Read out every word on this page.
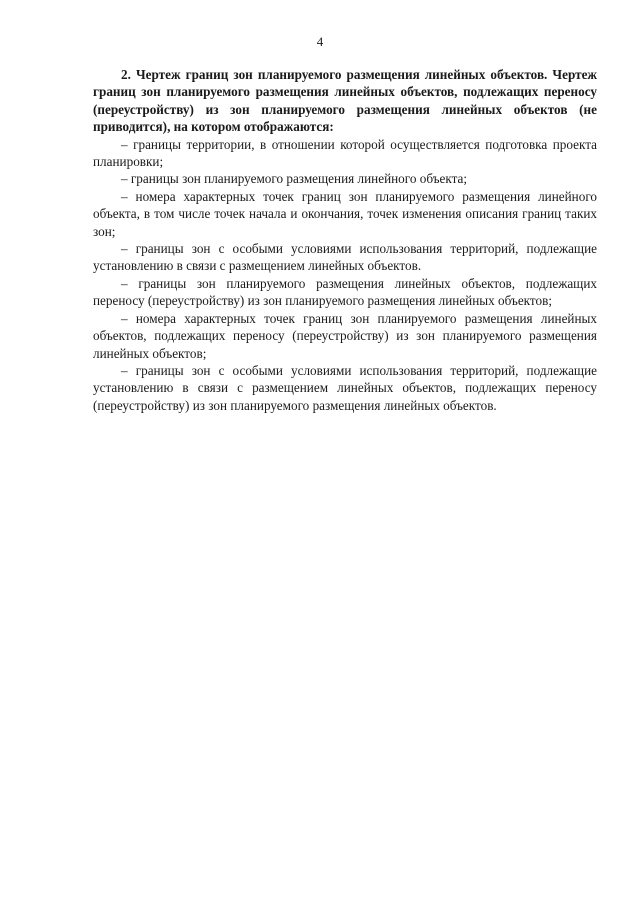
4

2. Чертеж границ зон планируемого размещения линейных объектов. Чертеж границ зон планируемого размещения линейных объектов, подлежащих переносу (переустройству) из зон планируемого размещения линейных объектов (не приводится), на котором отображаются:

– границы территории, в отношении которой осуществляется подготовка проекта планировки;

– границы зон планируемого размещения линейного объекта;

– номера характерных точек границ зон планируемого размещения линейного объекта, в том числе точек начала и окончания, точек изменения описания границ таких зон;

– границы зон с особыми условиями использования территорий, подлежащие установлению в связи с размещением линейных объектов.

– границы зон планируемого размещения линейных объектов, подлежащих переносу (переустройству) из зон планируемого размещения линейных объектов;

– номера характерных точек границ зон планируемого размещения линейных объектов, подлежащих переносу (переустройству) из зон планируемого размещения линейных объектов;

– границы зон с особыми условиями использования территорий, подлежащие установлению в связи с размещением линейных объектов, подлежащих переносу (переустройству) из зон планируемого размещения линейных объектов.
